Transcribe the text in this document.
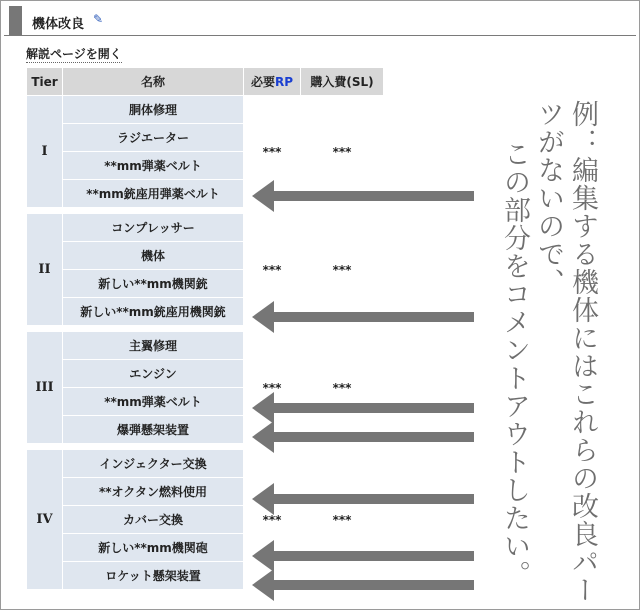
機体改良 ✎
解説ページを開く
Tier	名称	必要RP	購入費(SL)
I	胴体修理	***	***
	ラジエーター		
	**mm弾薬ベルト		
	**mm銃座用弾薬ベルト		

II	コンプレッサー	***	***
	機体		
	新しい**mm機関銃		
	新しい**mm銃座用機関銃		

III	主翼修理	***	***
	エンジン		
	**mm弾薬ベルト		
	爆弾懸架装置		

IV	インジェクター交換	***	***
	**オクタン燃料使用		
	カバー交換		
	新しい**mm機関砲		
	ロケット懸架装置			例：編集する機体にはこれらの改良パーツがないので、
この部分をコメントアウトしたい。
